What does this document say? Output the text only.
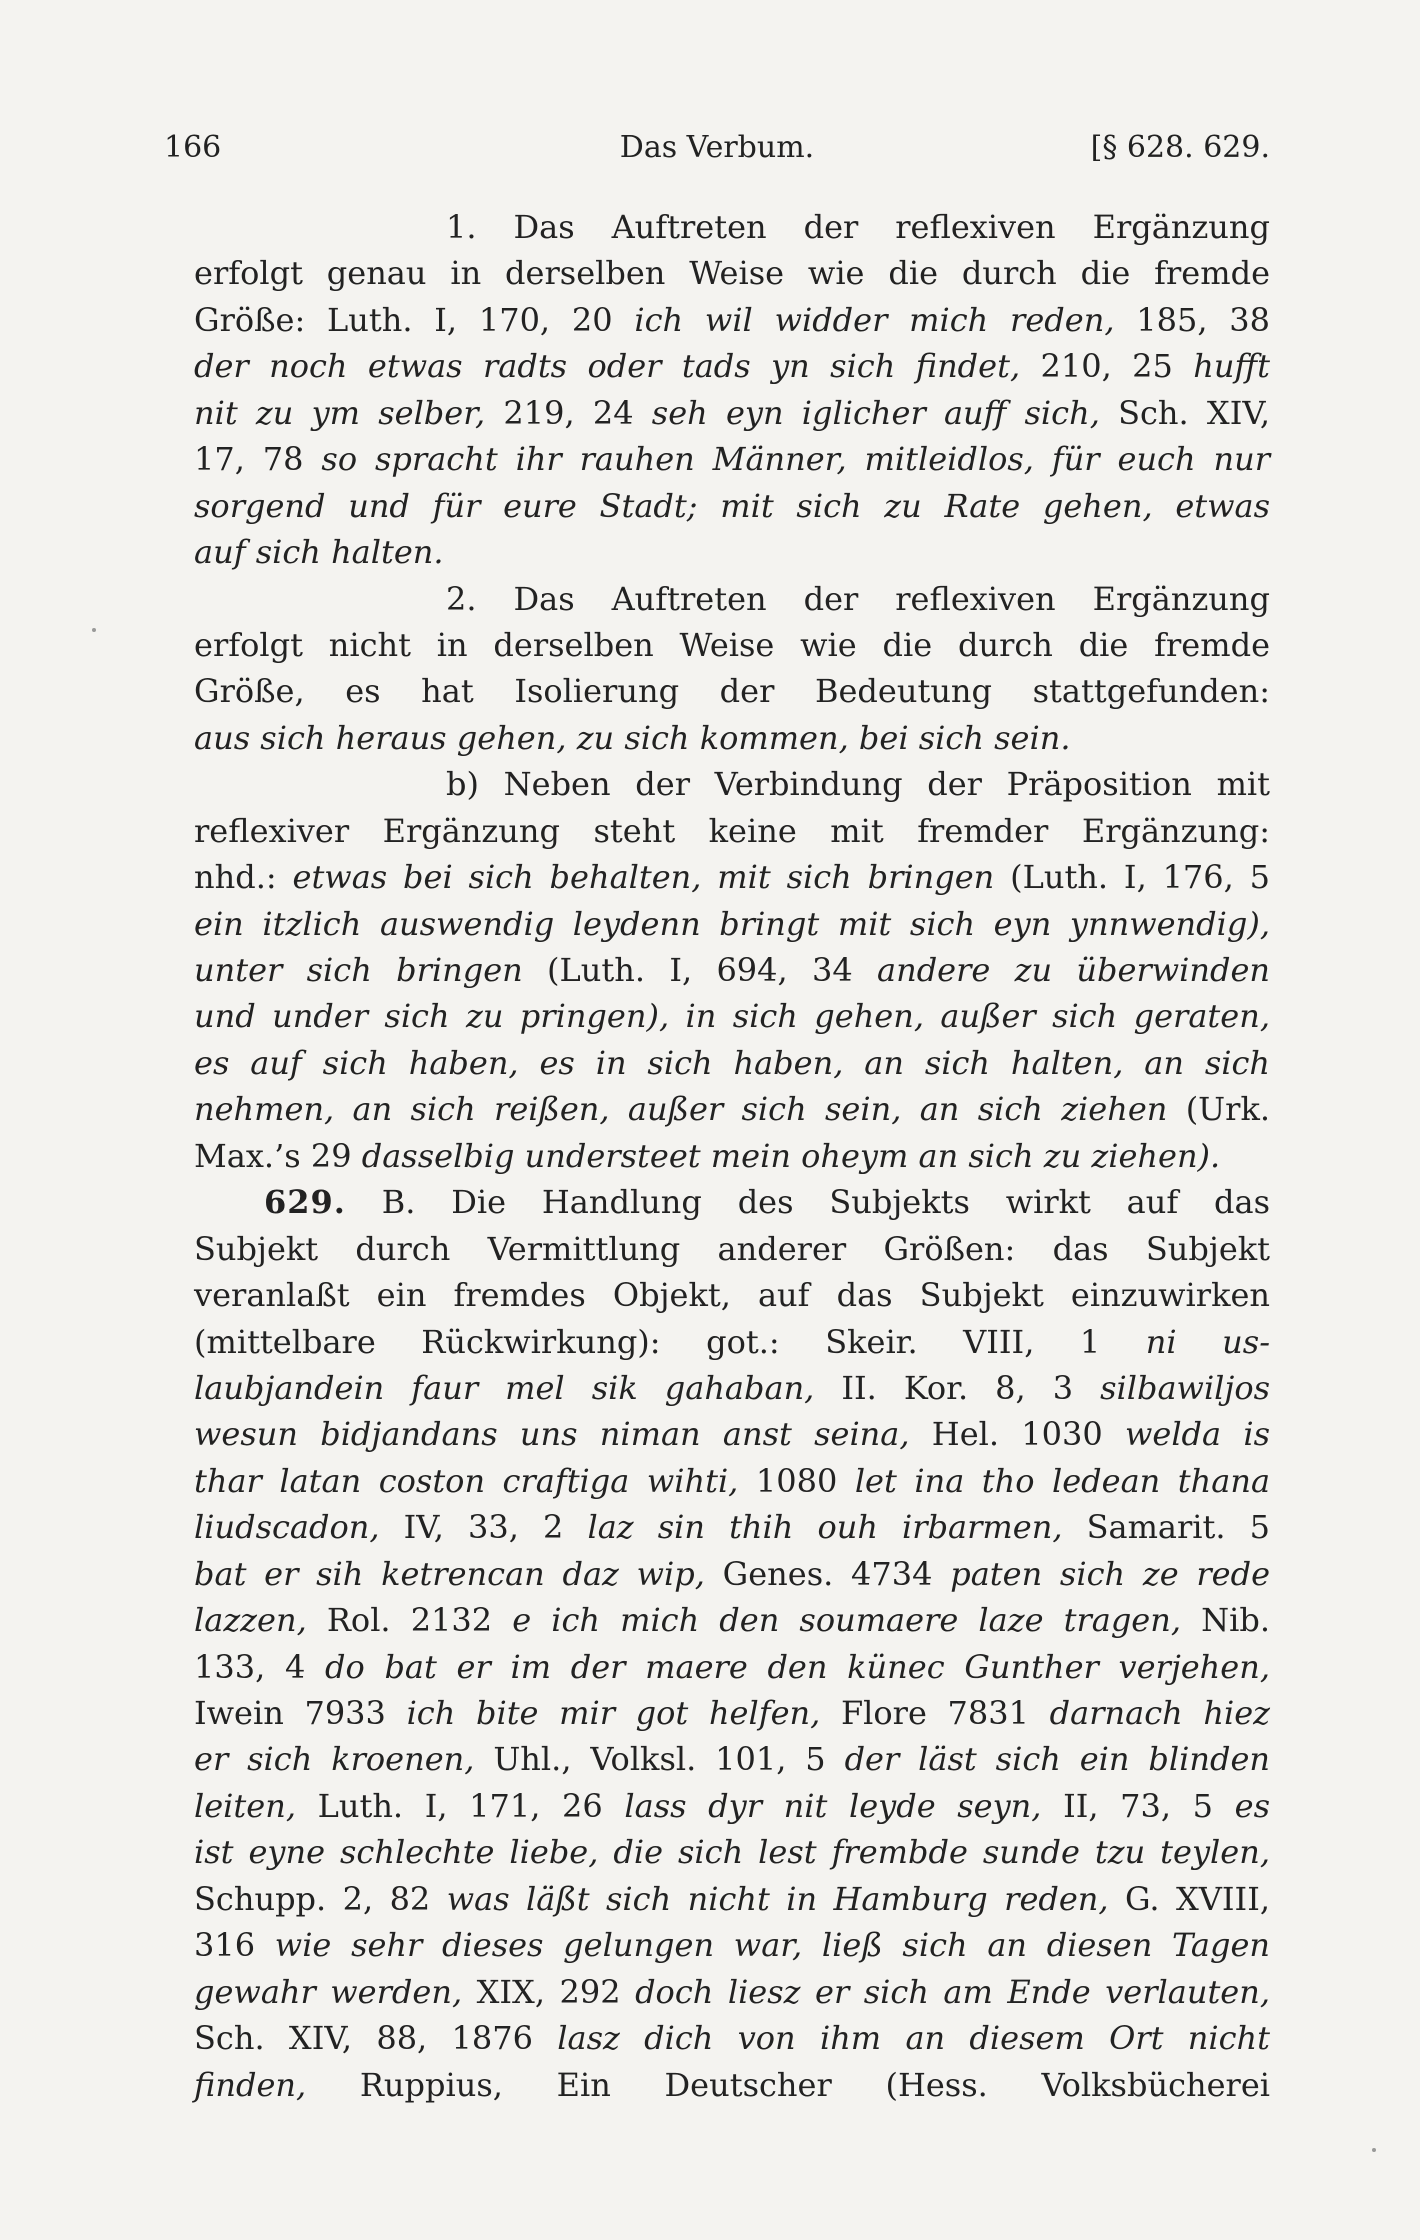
166	Das Verbum.	[§ 628. 629.
1. Das Auftreten der reflexiven Ergänzung
erfolgt genau in derselben Weise wie die durch die fremde
Größe: Luth. I, 170, 20 ich wil widder mich reden, 185, 38
der noch etwas radts oder tads yn sich findet, 210, 25 hufft
nit zu ym selber, 219, 24 seh eyn iglicher auff sich, Sch. XIV,
17, 78 so spracht ihr rauhen Männer, mitleidlos, für euch nur
sorgend und für eure Stadt; mit sich zu Rate gehen, etwas
auf sich halten.
2. Das Auftreten der reflexiven Ergänzung
erfolgt nicht in derselben Weise wie die durch die fremde
Größe, es hat Isolierung der Bedeutung stattgefunden:
aus sich heraus gehen, zu sich kommen, bei sich sein.
b) Neben der Verbindung der Präposition mit
reflexiver Ergänzung steht keine mit fremder Ergänzung:
nhd.: etwas bei sich behalten, mit sich bringen (Luth. I, 176, 5
ein itzlich auswendig leydenn bringt mit sich eyn ynnwendig),
unter sich bringen (Luth. I, 694, 34 andere zu überwinden
und under sich zu pringen), in sich gehen, außer sich geraten,
es auf sich haben, es in sich haben, an sich halten, an sich
nehmen, an sich reißen, außer sich sein, an sich ziehen (Urk.
Max.’s 29 dasselbig understeet mein oheym an sich zu ziehen).
629. B. Die Handlung des Subjekts wirkt auf das
Subjekt durch Vermittlung anderer Größen: das Subjekt
veranlaßt ein fremdes Objekt, auf das Subjekt einzuwirken
(mittelbare Rückwirkung): got.: Skeir. VIII, 1 ni us-
laubjandein faur mel sik gahaban, II. Kor. 8, 3 silbawiljos
wesun bidjandans uns niman anst seina, Hel. 1030 welda is
thar latan coston craftiga wihti, 1080 let ina tho ledean thana
liudscadon, IV, 33, 2 laz sin thih ouh irbarmen, Samarit. 5
bat er sih ketrencan daz wip, Genes. 4734 paten sich ze rede
lazzen, Rol. 2132 e ich mich den soumaere laze tragen, Nib.
133, 4 do bat er im der maere den künec Gunther verjehen,
Iwein 7933 ich bite mir got helfen, Flore 7831 darnach hiez
er sich kroenen, Uhl., Volksl. 101, 5 der läst sich ein blinden
leiten, Luth. I, 171, 26 lass dyr nit leyde seyn, II, 73, 5 es
ist eyne schlechte liebe, die sich lest frembde sunde tzu teylen,
Schupp. 2, 82 was läßt sich nicht in Hamburg reden, G. XVIII,
316 wie sehr dieses gelungen war, ließ sich an diesen Tagen
gewahr werden, XIX, 292 doch liesz er sich am Ende verlauten,
Sch. XIV, 88, 1876 lasz dich von ihm an diesem Ort nicht
finden, Ruppius, Ein Deutscher (Hess. Volksbücherei
